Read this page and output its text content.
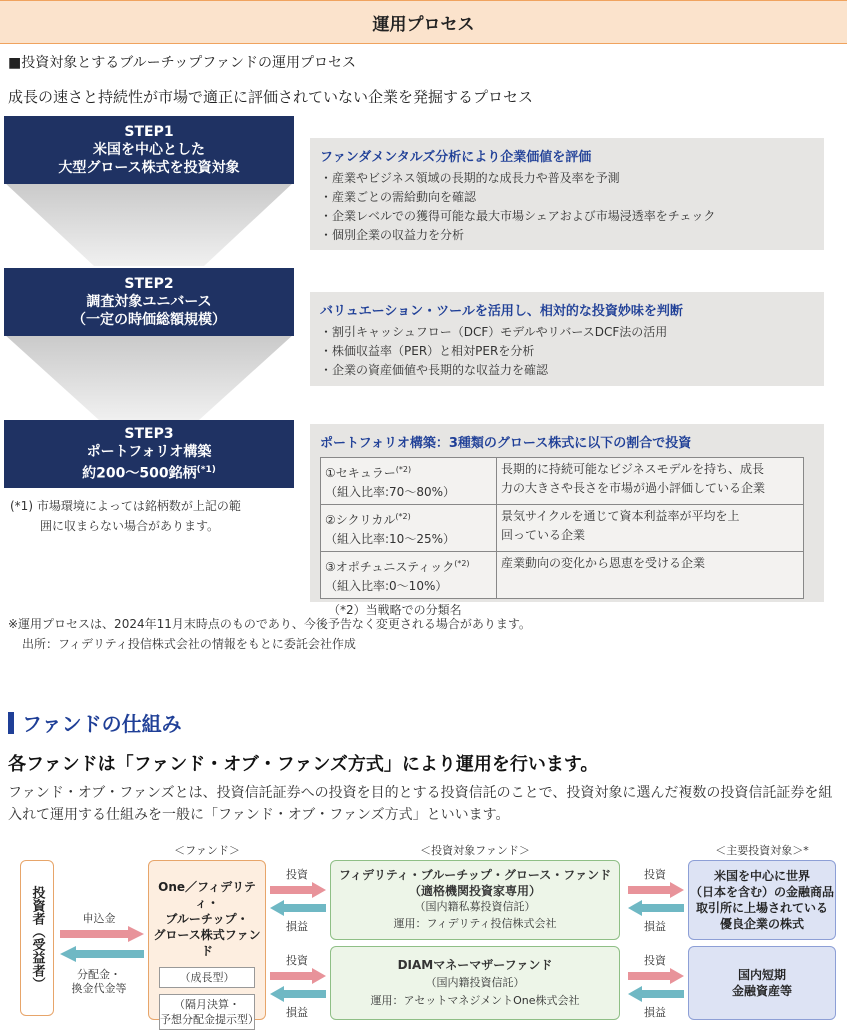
運用プロセス
■投資対象とするブルーチップファンドの運用プロセス
成長の速さと持続性が市場で適正に評価されていない企業を発掘するプロセス
STEP1
米国を中心とした
大型グロース株式を投資対象
STEP2
調査対象ユニバース
（一定の時価総額規模）
STEP3
ポートフォリオ構築
約200～500銘柄$^{(*1)}$
(*1) 市場環境によっては銘柄数が上記の範
囲に収まらない場合があります。
ファンダメンタルズ分析により企業価値を評価
・産業やビジネス領域の長期的な成長力や普及率を予測
・産業ごとの需給動向を確認
・企業レベルでの獲得可能な最大市場シェアおよび市場浸透率をチェック
・個別企業の収益力を分析
バリュエーション・ツールを活用し、相対的な投資妙味を判断
・割引キャッシュフロー（DCF）モデルやリバースDCF法の活用
・株価収益率（PER）と相対PERを分析
・企業の資産価値や長期的な収益力を確認
ポートフォリオ構築：3種類のグロース株式に以下の割合で投資
①セキュラー$^{(*2)}$
（組入比率:70～80%）	長期的に持続可能なビジネスモデルを持ち、成長
力の大きさや長さを市場が過小評価している企業
②シクリカル$^{(*2)}$
（組入比率:10～25%）	景気サイクルを通じて資本利益率が平均を上
回っている企業
③オポチュニスティック$^{(*2)}$
（組入比率:0～10%）	産業動向の変化から恩恵を受ける企業
（*2）当戦略での分類名
※運用プロセスは、2024年11月末時点のものであり、今後予告なく変更される場合があります。
出所：フィデリティ投信株式会社の情報をもとに委託会社作成
ファンドの仕組み
各ファンドは「ファンド・オブ・ファンズ方式」により運用を行います。
ファンド・オブ・ファンズとは、投資信託証券への投資を目的とする投資信託のことで、投資対象に選んだ複数の投資信託証券を組入れて運用する仕組みを一般に「ファンド・オブ・ファンズ方式」といいます。
＜ファンド＞	＜投資対象ファンド＞	＜主要投資対象＞*
投資者（受益者）	申込金
分配金・
換金代金等
One／フィデリティ・
ブルーチップ・
グロース株式ファンド
（成長型）
（隔月決算・
予想分配金提示型）
投資
損益
投資
損益
フィデリティ・ブルーチップ・グロース・ファンド
（適格機関投資家専用）
（国内籍私募投資信託）
運用：フィデリティ投信株式会社
DIAMマネーマザーファンド
（国内籍投資信託）
運用：アセットマネジメントOne株式会社
投資
損益
投資
損益
米国を中心に世界
（日本を含む）の金融商品
取引所に上場されている
優良企業の株式
国内短期
金融資産等
